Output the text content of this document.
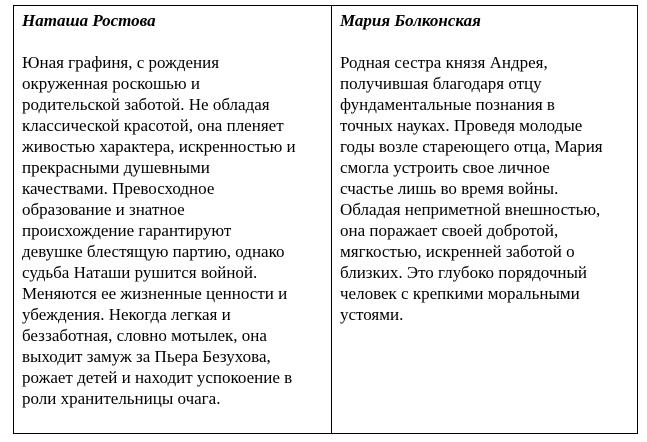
Наташа Ростова
Юная графиня, с рождения
окруженная роскошью и
родительской заботой. Не обладая
классической красотой, она пленяет
живостью характера, искренностью и
прекрасными душевными
качествами. Превосходное
образование и знатное
происхождение гарантируют
девушке блестящую партию, однако
судьба Наташи рушится войной.
Меняются ее жизненные ценности и
убеждения. Некогда легкая и
беззаботная, словно мотылек, она
выходит замуж за Пьера Безухова,
рожает детей и находит успокоение в
роли хранительницы очага.

Мария Болконская
Родная сестра князя Андрея,
получившая благодаря отцу
фундаментальные познания в
точных науках. Проведя молодые
годы возле стареющего отца, Мария
смогла устроить свое личное
счастье лишь во время войны.
Обладая неприметной внешностью,
она поражает своей добротой,
мягкостью, искренней заботой о
близких. Это глубоко порядочный
человек с крепкими моральными
устоями.
